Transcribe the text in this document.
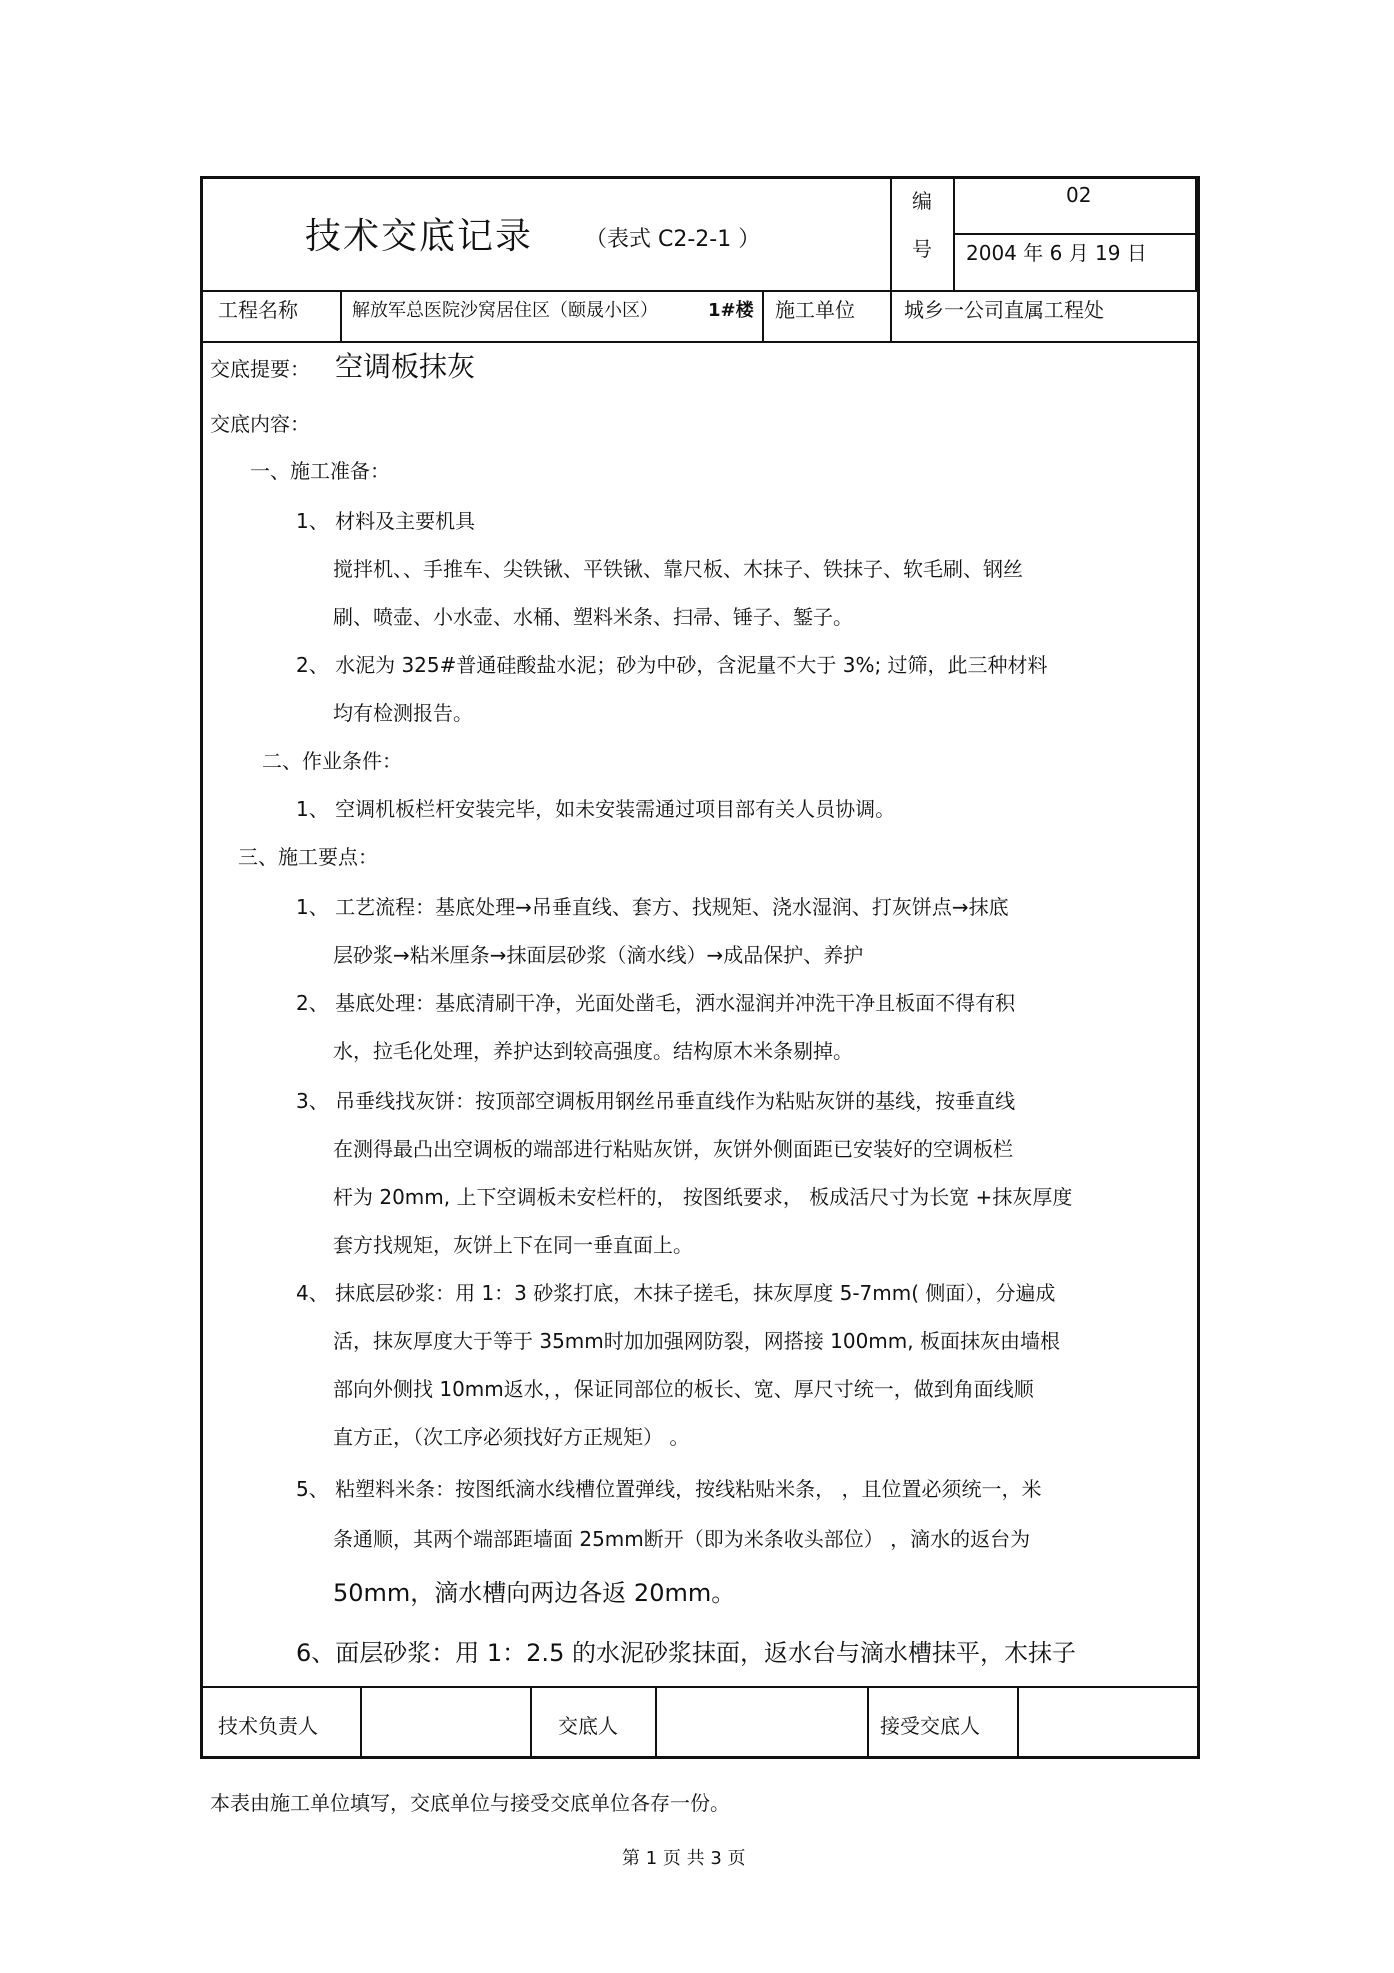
技术交底记录 （表式 C2-2-1 ）
编
号
02
2004 年 6 月 19 日
工程名称	解放军总医院沙窝居住区（颐晟小区）	1#楼 施工单位 城乡一公司直属工程处
交底提要： 空调板抹灰
交底内容：
一、施工准备：
1、 材料及主要机具
搅拌机、、手推车、尖铁锹、平铁锹、靠尺板、木抹子、铁抹子、软毛刷、钢丝
刷、喷壶、小水壶、水桶、塑料米条、扫帚、锤子、錾子。
2、 水泥为 325#普通硅酸盐水泥；砂为中砂，含泥量不大于 3%; 过筛，此三种材料
均有检测报告。
二、作业条件：
1、 空调机板栏杆安装完毕，如未安装需通过项目部有关人员协调。
三、施工要点：
1、 工艺流程：基底处理→吊垂直线、套方、找规矩、浇水湿润、打灰饼点→抹底
层砂浆→粘米厘条→抹面层砂浆（滴水线）→成品保护、养护
2、 基底处理：基底清刷干净，光面处凿毛，洒水湿润并冲洗干净且板面不得有积
水，拉毛化处理，养护达到较高强度。结构原木米条剔掉。
3、 吊垂线找灰饼：按顶部空调板用钢丝吊垂直线作为粘贴灰饼的基线，按垂直线
在测得最凸出空调板的端部进行粘贴灰饼，灰饼外侧面距已安装好的空调板栏
杆为 20mm, 上下空调板未安栏杆的， 按图纸要求， 板成活尺寸为长宽 +抹灰厚度
套方找规矩，灰饼上下在同一垂直面上。
4、 抹底层砂浆：用 1：3 砂浆打底，木抹子搓毛，抹灰厚度 5-7mm( 侧面），分遍成
活，抹灰厚度大于等于 35mm时加加强网防裂，网搭接 100mm, 板面抹灰由墙根
部向外侧找 10mm返水，，保证同部位的板长、宽、厚尺寸统一，做到角面线顺
直方正，（次工序必须找好方正规矩） 。
5、 粘塑料米条：按图纸滴水线槽位置弹线，按线粘贴米条， ，且位置必须统一，米
条通顺，其两个端部距墙面 25mm断开（即为米条收头部位） ，滴水的返台为
50mm，滴水槽向两边各返 20mm。
6、面层砂浆：用 1：2.5 的水泥砂浆抹面，返水台与滴水槽抹平，木抹子
技术负责人	交底人	接受交底人
本表由施工单位填写，交底单位与接受交底单位各存一份。
第 1 页 共 3 页
